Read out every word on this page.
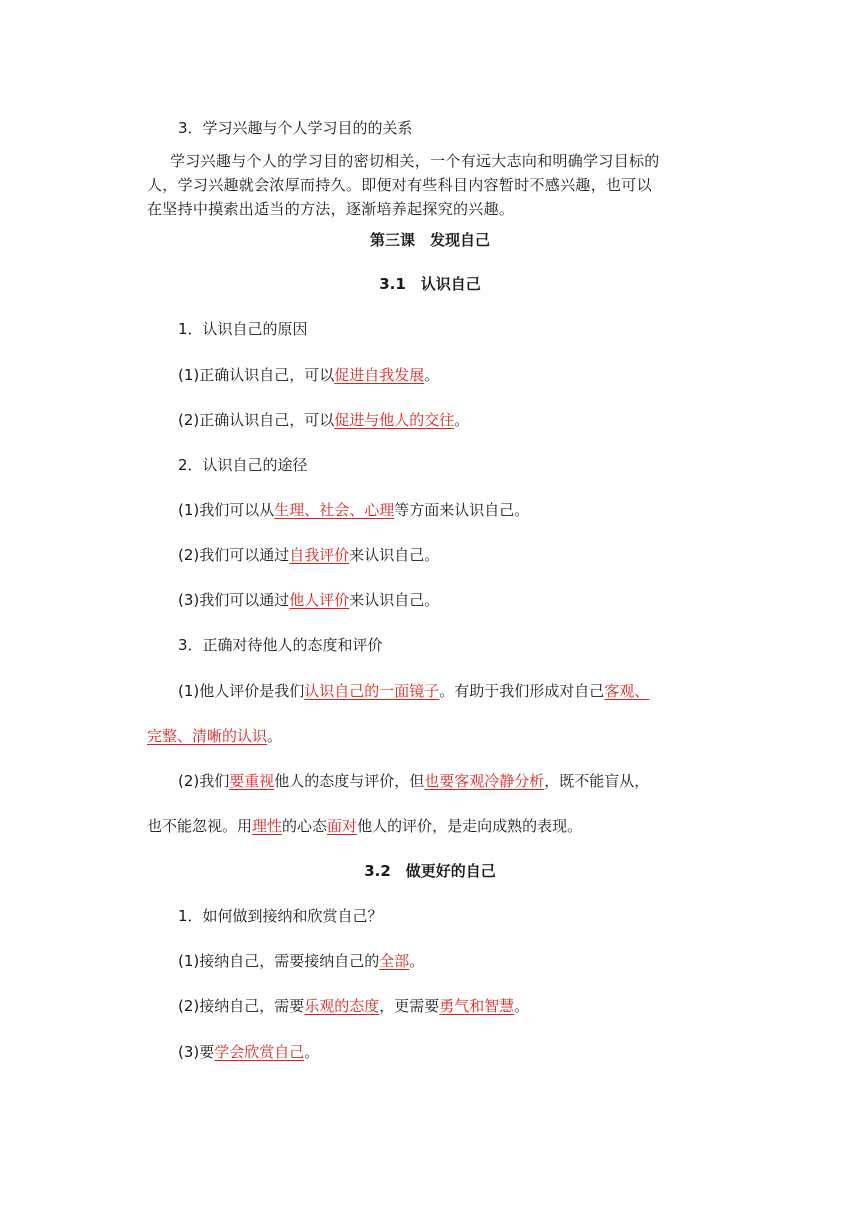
3．学习兴趣与个人学习目的的关系
学习兴趣与个人的学习目的密切相关，一个有远大志向和明确学习目标的
人，学习兴趣就会浓厚而持久。即便对有些科目内容暂时不感兴趣，也可以
在坚持中摸索出适当的方法，逐渐培养起探究的兴趣。
第三课　发现自己
3.1　认识自己
1．认识自己的原因
(1)正确认识自己，可以促进自我发展。
(2)正确认识自己，可以促进与他人的交往。
2．认识自己的途径
(1)我们可以从生理、社会、心理等方面来认识自己。
(2)我们可以通过自我评价来认识自己。
(3)我们可以通过他人评价来认识自己。
3．正确对待他人的态度和评价
(1)他人评价是我们认识自己的一面镜子。有助于我们形成对自己客观、
完整、清晰的认识。
(2)我们要重视他人的态度与评价，但也要客观冷静分析，既不能盲从，
也不能忽视。用理性的心态面对他人的评价，是走向成熟的表现。
3.2　做更好的自己
1．如何做到接纳和欣赏自己？
(1)接纳自己，需要接纳自己的全部。
(2)接纳自己，需要乐观的态度，更需要勇气和智慧。
(3)要学会欣赏自己。
